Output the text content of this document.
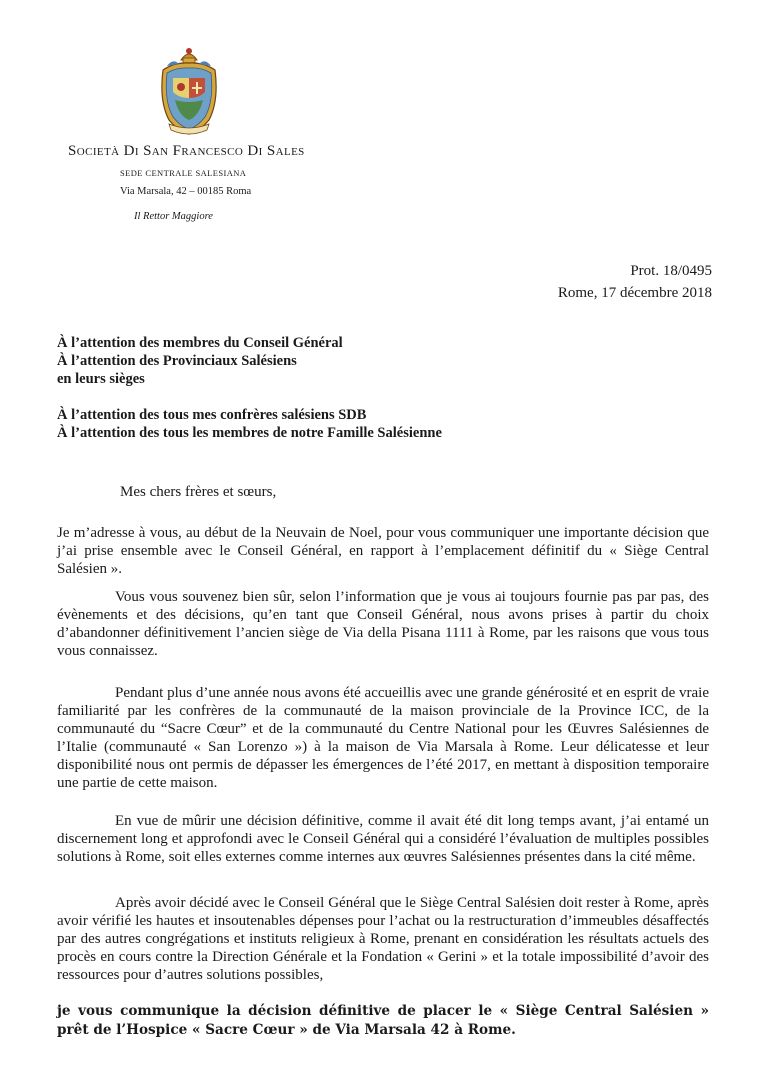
Società Di San Francesco Di Sales
SEDE CENTRALE SALESIANA
Via Marsala, 42 – 00185 Roma
Il Rettor Maggiore
Prot. 18/0495
Rome, 17 décembre 2018
À l’attention des membres du Conseil Général
À l’attention des Provinciaux Salésiens
en leurs sièges
À l’attention des tous mes confrères salésiens SDB
À l’attention des tous les membres de notre Famille Salésienne
Mes chers frères et sœurs,
Je m’adresse à vous, au début de la Neuvain de Noel, pour vous communiquer une importante décision que j’ai prise ensemble avec le Conseil Général, en rapport à l’emplacement définitif du « Siège Central Salésien ».
Vous vous souvenez bien sûr, selon l’information que je vous ai toujours fournie pas par pas, des évènements et des décisions, qu’en tant que Conseil Général, nous avons prises à partir du choix d’abandonner définitivement l’ancien siège de Via della Pisana 1111 à Rome, par les raisons que vous tous vous connaissez.
Pendant plus d’une année nous avons été accueillis avec une grande générosité et en esprit de vraie familiarité par les confrères de la communauté de la maison provinciale de la Province ICC, de la communauté du “Sacre Cœur” et de la communauté du Centre National pour les Œuvres Salésiennes de l’Italie (communauté « San Lorenzo ») à la maison de Via Marsala à Rome. Leur délicatesse et leur disponibilité nous ont permis de dépasser les émergences de l’été 2017, en mettant à disposition temporaire une partie de cette maison.
En vue de mûrir une décision définitive, comme il avait été dit long temps avant, j’ai entamé un discernement long et approfondi avec le Conseil Général qui a considéré l’évaluation de multiples possibles solutions à Rome, soit elles externes comme internes aux œuvres Salésiennes présentes dans la cité même.
Après avoir décidé avec le Conseil Général que le Siège Central Salésien doit rester à Rome, après avoir vérifié les hautes et insoutenables dépenses pour l’achat ou la restructuration d’immeubles désaffectés par des autres congrégations et instituts religieux à Rome, prenant en considération les résultats actuels des procès en cours contre la Direction Générale et la Fondation « Gerini » et la totale impossibilité d’avoir des ressources pour d’autres solutions possibles,
je vous communique la décision définitive de placer le « Siège Central Salésien » prêt de l’Hospice « Sacre Cœur » de Via Marsala 42 à Rome.
